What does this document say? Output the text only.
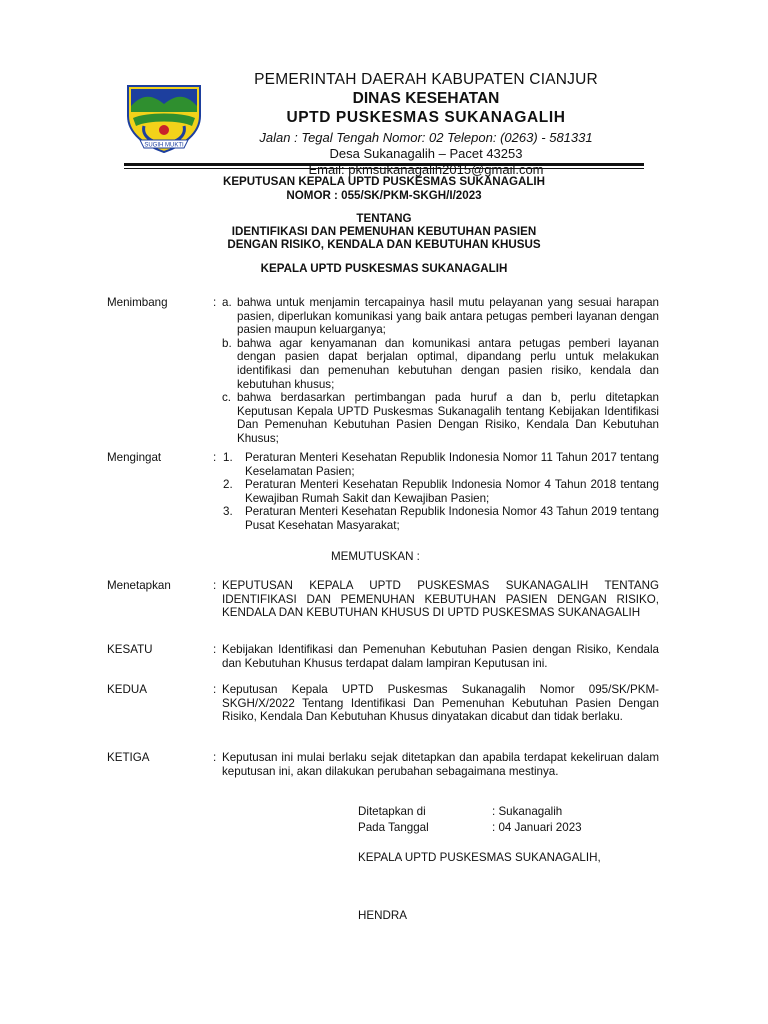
SUGIH MUKTI
PEMERINTAH DAERAH KABUPATEN CIANJUR
DINAS KESEHATAN
UPTD PUSKESMAS SUKANAGALIH
Jalan : Tegal Tengah Nomor: 02 Telepon: (0263) - 581331
Desa Sukanagalih – Pacet 43253
Email: pkmsukanagalih2015@gmail.com
KEPUTUSAN KEPALA UPTD PUSKESMAS SUKANAGALIH
NOMOR : 055/SK/PKM-SKGH/I/2023
TENTANG
IDENTIFIKASI DAN PEMENUHAN KEBUTUHAN PASIEN
DENGAN RISIKO, KENDALA DAN KEBUTUHAN KHUSUS
KEPALA UPTD PUSKESMAS SUKANAGALIH
Menimbang	: a. bahwa untuk menjamin tercapainya hasil mutu pelayanan yang sesuai harapan pasien, diperlukan komunikasi yang baik antara petugas pemberi layanan dengan pasien maupun keluarganya;
b. bahwa agar kenyamanan dan komunikasi antara petugas pemberi layanan dengan pasien dapat berjalan optimal, dipandang perlu untuk melakukan identifikasi dan pemenuhan kebutuhan dengan pasien risiko, kendala dan kebutuhan khusus;
c. bahwa berdasarkan pertimbangan pada huruf a dan b, perlu ditetapkan Keputusan Kepala UPTD Puskesmas Sukanagalih tentang Kebijakan Identifikasi Dan Pemenuhan Kebutuhan Pasien Dengan Risiko, Kendala Dan Kebutuhan Khusus;
Mengingat	: 1. Peraturan Menteri Kesehatan Republik Indonesia Nomor 11 Tahun 2017 tentang Keselamatan Pasien;
2. Peraturan Menteri Kesehatan Republik Indonesia Nomor 4 Tahun 2018 tentang Kewajiban Rumah Sakit dan Kewajiban Pasien;
3. Peraturan Menteri Kesehatan Republik Indonesia Nomor 43 Tahun 2019 tentang Pusat Kesehatan Masyarakat;
MEMUTUSKAN :
Menetapkan	: KEPUTUSAN KEPALA UPTD PUSKESMAS SUKANAGALIH TENTANG IDENTIFIKASI DAN PEMENUHAN KEBUTUHAN PASIEN DENGAN RISIKO, KENDALA DAN KEBUTUHAN KHUSUS DI UPTD PUSKESMAS SUKANAGALIH
KESATU	: Kebijakan Identifikasi dan Pemenuhan Kebutuhan Pasien dengan Risiko, Kendala dan Kebutuhan Khusus terdapat dalam lampiran Keputusan ini.
KEDUA	: Keputusan Kepala UPTD Puskesmas Sukanagalih Nomor 095/SK/PKM-SKGH/X/2022 Tentang Identifikasi Dan Pemenuhan Kebutuhan Pasien Dengan Risiko, Kendala Dan Kebutuhan Khusus dinyatakan dicabut dan tidak berlaku.
KETIGA	: Keputusan ini mulai berlaku sejak ditetapkan dan apabila terdapat kekeliruan dalam keputusan ini, akan dilakukan perubahan sebagaimana mestinya.
Ditetapkan di	: Sukanagalih
Pada Tanggal	: 04 Januari 2023
KEPALA UPTD PUSKESMAS SUKANAGALIH,
HENDRA
